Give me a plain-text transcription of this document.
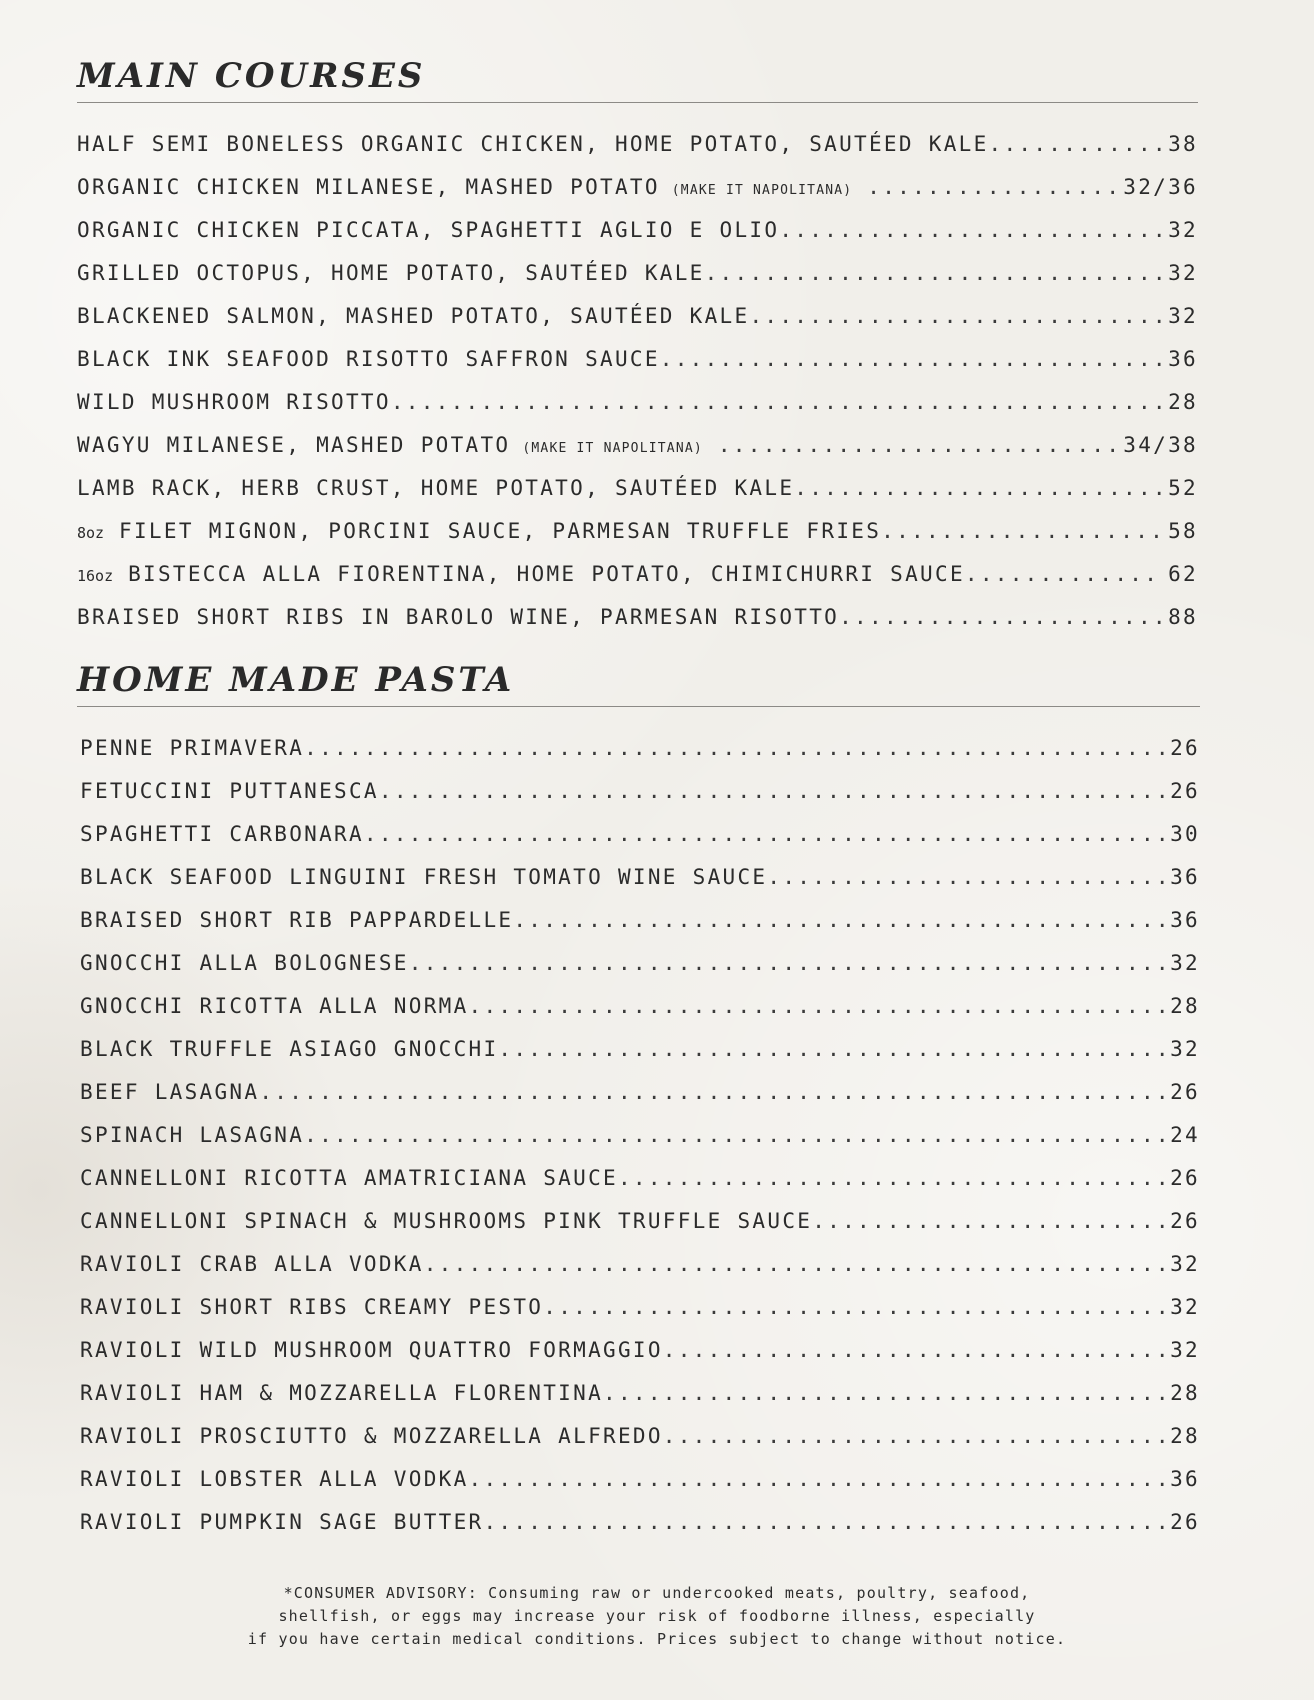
MAIN COURSES
HALF SEMI BONELESS ORGANIC CHICKEN, HOME POTATO, SAUTÉED KALE .....	38
ORGANIC CHICKEN MILANESE, MASHED POTATO (MAKE IT NAPOLITANA) .....	32/36
ORGANIC CHICKEN PICCATA, SPAGHETTI AGLIO E OLIO .....	32
GRILLED OCTOPUS, HOME POTATO, SAUTÉED KALE .....	32
BLACKENED SALMON, MASHED POTATO, SAUTÉED KALE .....	32
BLACK INK SEAFOOD RISOTTO SAFFRON SAUCE .....	36
WILD MUSHROOM RISOTTO .....	28
WAGYU MILANESE, MASHED POTATO (MAKE IT NAPOLITANA) .....	34/38
LAMB RACK, HERB CRUST, HOME POTATO, SAUTÉED KALE .....	52
8oz FILET MIGNON, PORCINI SAUCE, PARMESAN TRUFFLE FRIES .....	58
16oz BISTECCA ALLA FIORENTINA, HOME POTATO, CHIMICHURRI SAUCE .....	62
BRAISED SHORT RIBS IN BAROLO WINE, PARMESAN RISOTTO .....	88
HOME MADE PASTA
PENNE PRIMAVERA .....	26
FETUCCINI PUTTANESCA .....	26
SPAGHETTI CARBONARA .....	30
BLACK SEAFOOD LINGUINI FRESH TOMATO WINE SAUCE .....	36
BRAISED SHORT RIB PAPPARDELLE .....	36
GNOCCHI ALLA BOLOGNESE .....	32
GNOCCHI RICOTTA ALLA NORMA .....	28
BLACK TRUFFLE ASIAGO GNOCCHI .....	32
BEEF LASAGNA .....	26
SPINACH LASAGNA .....	24
CANNELLONI RICOTTA AMATRICIANA SAUCE .....	26
CANNELLONI SPINACH & MUSHROOMS PINK TRUFFLE SAUCE .....	26
RAVIOLI CRAB ALLA VODKA .....	32
RAVIOLI SHORT RIBS CREAMY PESTO .....	32
RAVIOLI WILD MUSHROOM QUATTRO FORMAGGIO .....	32
RAVIOLI HAM & MOZZARELLA FLORENTINA .....	28
RAVIOLI PROSCIUTTO & MOZZARELLA ALFREDO .....	28
RAVIOLI LOBSTER ALLA VODKA .....	36
RAVIOLI PUMPKIN SAGE BUTTER .....	26
*CONSUMER ADVISORY: Consuming raw or undercooked meats, poultry, seafood,
shellfish, or eggs may increase your risk of foodborne illness, especially
if you have certain medical conditions. Prices subject to change without notice.
